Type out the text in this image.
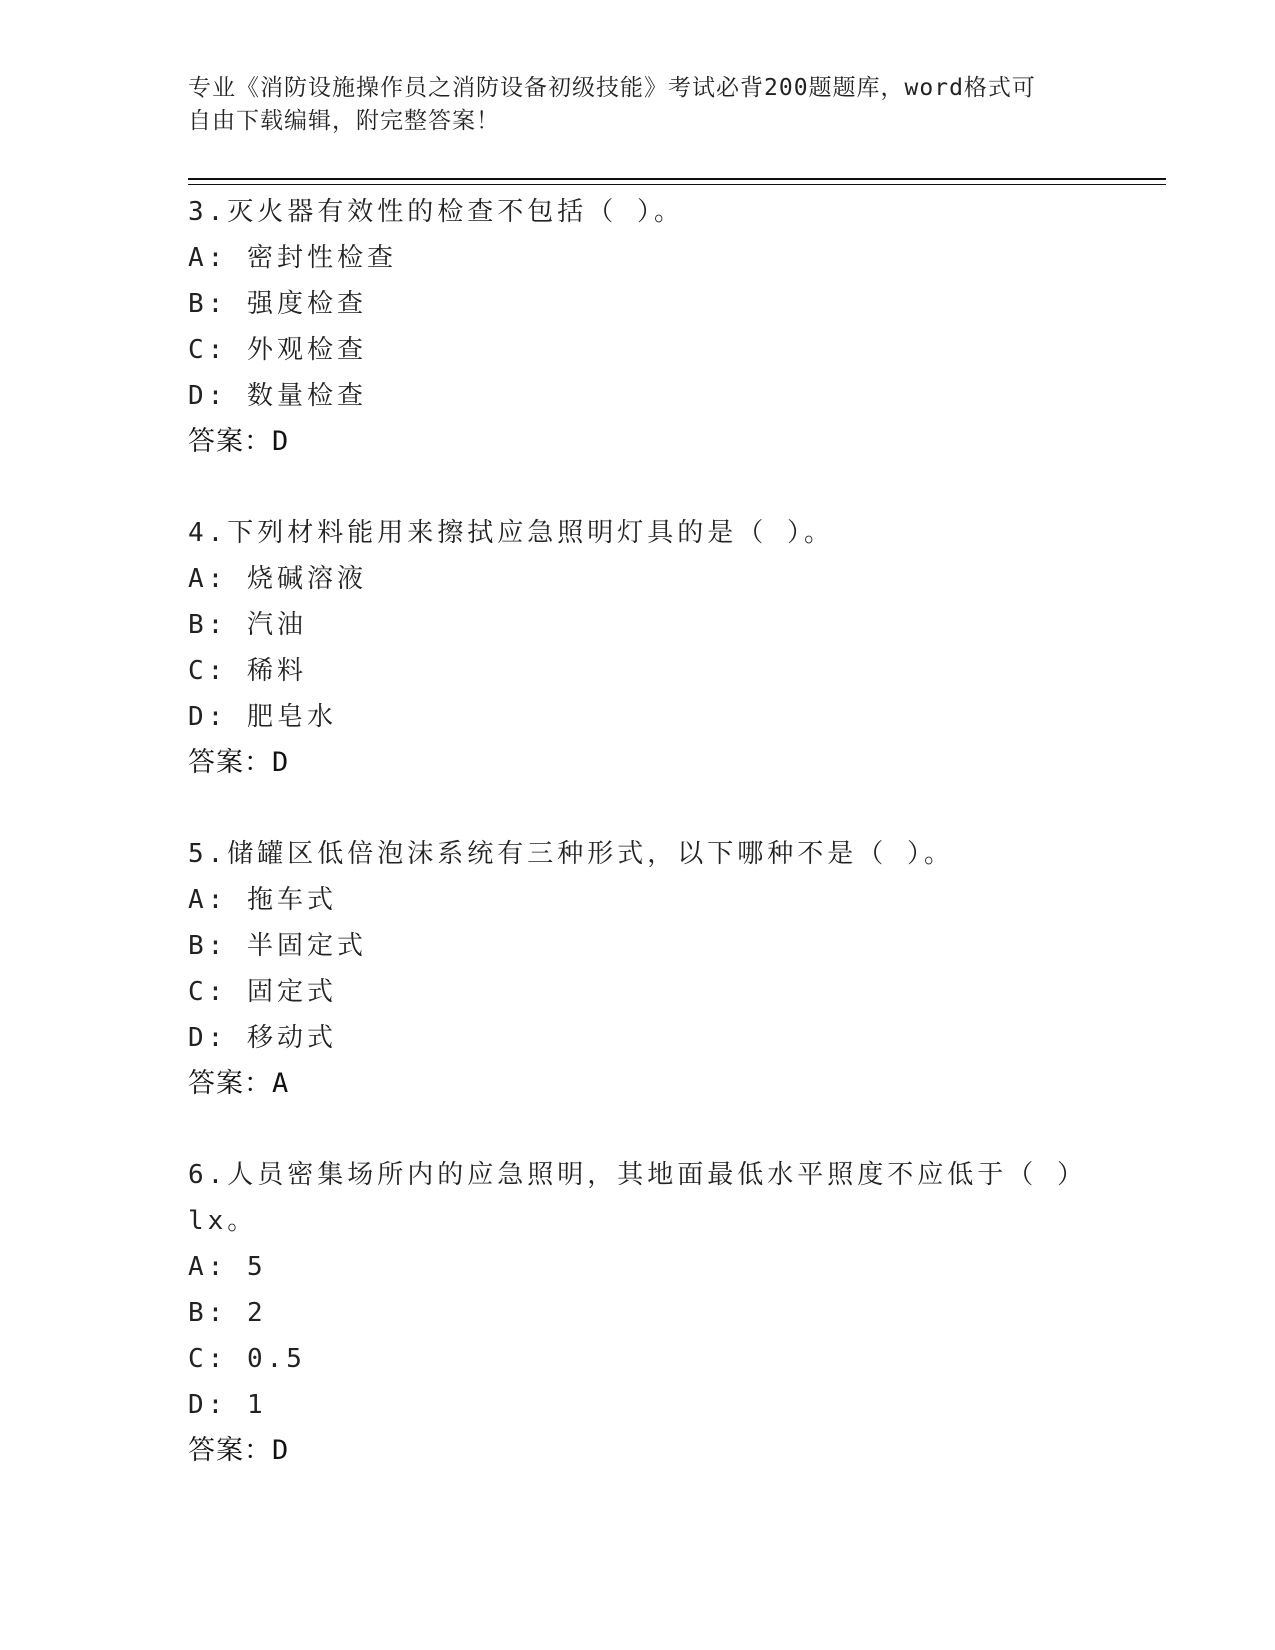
专业《消防设施操作员之消防设备初级技能》考试必背200题题库，word格式可
自由下载编辑，附完整答案！
3.灭火器有效性的检查不包括（ ）。
A: 密封性检查
B: 强度检查
C: 外观检查
D: 数量检查
答案：D
4.下列材料能用来擦拭应急照明灯具的是（ ）。
A: 烧碱溶液
B: 汽油
C: 稀料
D: 肥皂水
答案：D
5.储罐区低倍泡沫系统有三种形式，以下哪种不是（ ）。
A: 拖车式
B: 半固定式
C: 固定式
D: 移动式
答案：A
6.人员密集场所内的应急照明，其地面最低水平照度不应低于（ ）
lx。
A: 5
B: 2
C: 0.5
D: 1
答案：D
